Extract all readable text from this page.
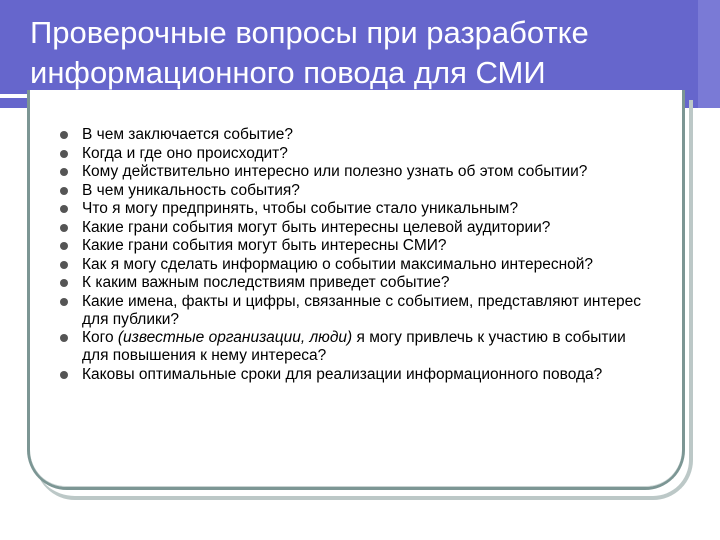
Проверочные вопросы при разработке
информационного повода для СМИ
В чем заключается событие?
Когда и где оно происходит?
Кому действительно интересно или полезно узнать об этом событии?
В чем уникальность события?
Что я могу предпринять, чтобы событие стало уникальным?
Какие грани события могут быть интересны целевой аудитории?
Какие грани события могут быть интересны СМИ?
Как я могу сделать информацию о событии максимально интересной?
К каким важным последствиям приведет событие?
Какие имена, факты и цифры, связанные с событием, представляют интерес для публики?
Кого (известные организации, люди) я могу привлечь к участию в событии для повышения к нему интереса?
Каковы оптимальные сроки для реализации информационного повода?
